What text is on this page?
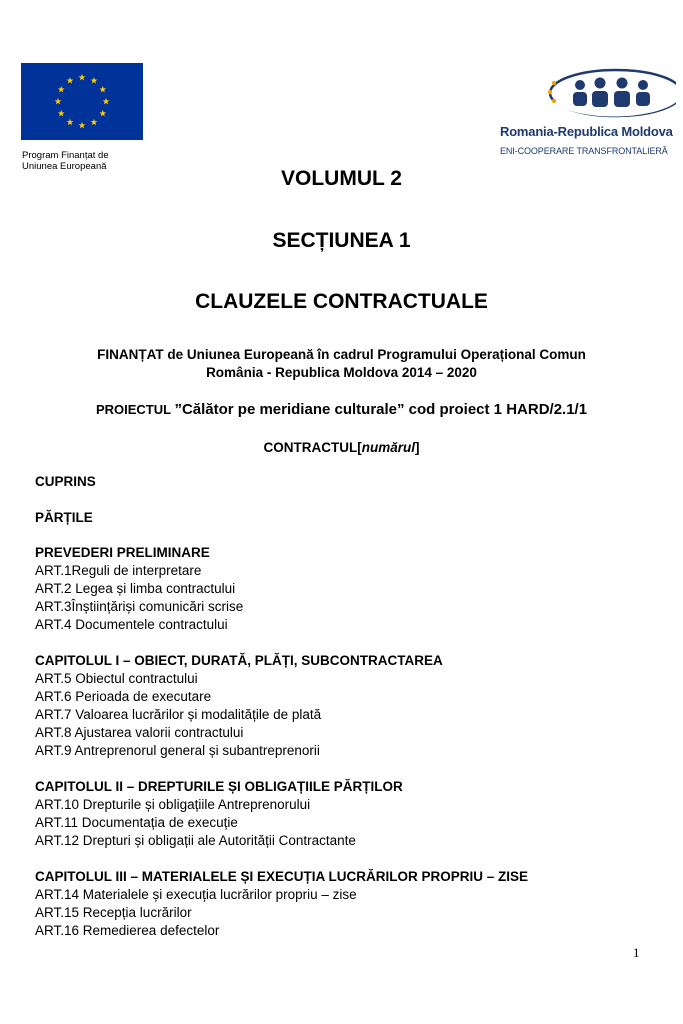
Program Finanțat de
Uniunea Europeană
Romania-Republica Moldova
ENI-COOPERARE TRANSFRONTALIERĂ
VOLUMUL 2
SECȚIUNEA 1
CLAUZELE CONTRACTUALE
FINANȚAT de Uniunea Europeană în cadrul Programului Operațional Comun
România - Republica Moldova 2014 – 2020
PROIECTUL ”Călător pe meridiane culturale” cod proiect 1 HARD/2.1/1
CONTRACTUL[numărul]
CUPRINS
PĂRȚILE
PREVEDERI PRELIMINARE
ART.1Reguli de interpretare
ART.2 Legea și limba contractului
ART.3Înștiințăriși comunicări scrise
ART.4 Documentele contractului
CAPITOLUL I – OBIECT, DURATĂ, PLĂȚI, SUBCONTRACTAREA
ART.5 Obiectul contractului
ART.6 Perioada de executare
ART.7 Valoarea lucrărilor și modalitățile de plată
ART.8 Ajustarea valorii contractului
ART.9 Antreprenorul general și subantreprenorii
CAPITOLUL II – DREPTURILE ȘI OBLIGAȚIILE PĂRȚILOR
ART.10 Drepturile și obligațiile Antreprenorului
ART.11 Documentația de execuție
ART.12 Drepturi și obligații ale Autorității Contractante
CAPITOLUL III – MATERIALELE ȘI EXECUȚIA LUCRĂRILOR PROPRIU – ZISE
ART.14 Materialele și execuția lucrărilor propriu – zise
ART.15 Recepția lucrărilor
ART.16 Remedierea defectelor
1
